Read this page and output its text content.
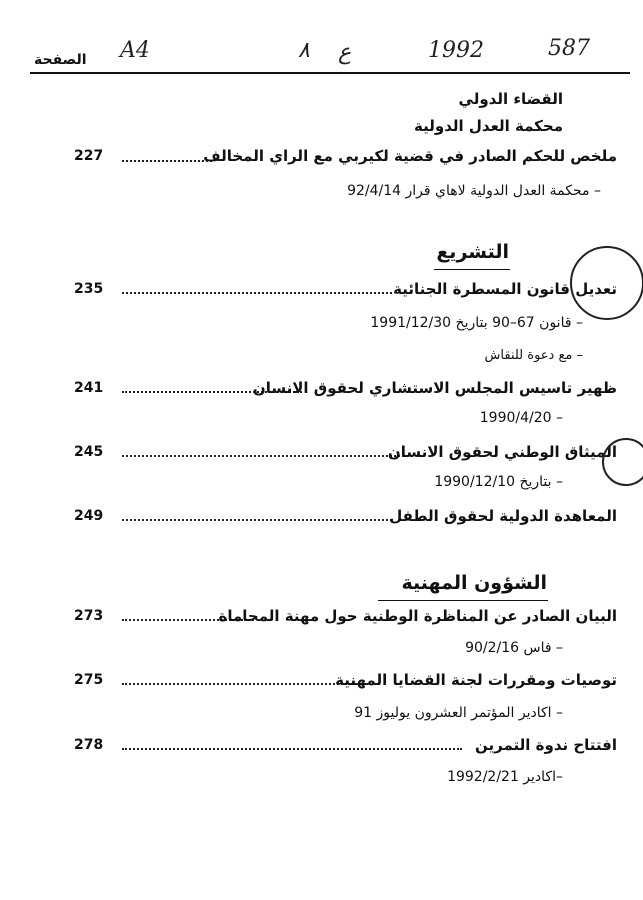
A4	٨ ع	1992	587
الصفحة
القضاء الدولي
محكمة العدل الدولية
227	ملخص للحكم الصادر في قضية لكيربي مع الراي المخالف
– محكمة العدل الدولية لاهاي قرار 92/4/14
التشريع
235	تعديل قانون المسطرة الجنائية
– قانون 67–90 بتاريخ 1991/12/30
– مع دعوة للنقاش
241	ظهير تاسيس المجلس الاستشاري لحقوق الانسان
– 1990/4/20
245	الميثاق الوطني لحقوق الانسان
– بتاريخ 1990/12/10
249	المعاهدة الدولية لحقوق الطفل
الشؤون المهنية
273	البيان الصادر عن المناظرة الوطنية حول مهنة المحاماة
– فاس 90/2/16
275	توصيات ومقررات لجنة القضايا المهنية
– اكادير المؤتمر العشرون يوليوز 91
278	افتتاح ندوة التمرين
–اكادير 1992/2/21
